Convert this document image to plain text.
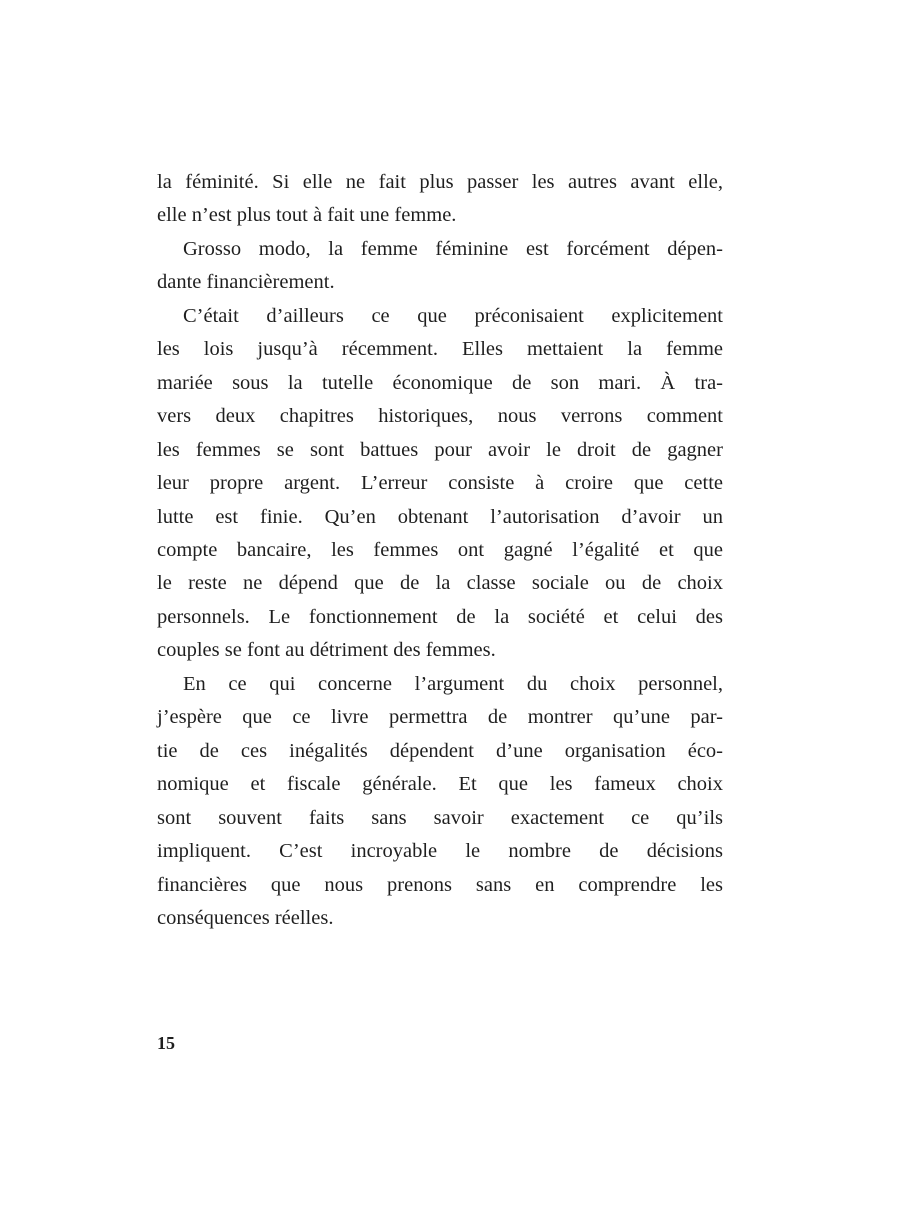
la féminité. Si elle ne fait plus passer les autres avant elle,
elle n’est plus tout à fait une femme.
Grosso modo, la femme féminine est forcément dépen-
dante financièrement.
C’était d’ailleurs ce que préconisaient explicitement
les lois jusqu’à récemment. Elles mettaient la femme
mariée sous la tutelle économique de son mari. À tra-
vers deux chapitres historiques, nous verrons comment
les femmes se sont battues pour avoir le droit de gagner
leur propre argent. L’erreur consiste à croire que cette
lutte est finie. Qu’en obtenant l’autorisation d’avoir un
compte bancaire, les femmes ont gagné l’égalité et que
le reste ne dépend que de la classe sociale ou de choix
personnels. Le fonctionnement de la société et celui des
couples se font au détriment des femmes.
En ce qui concerne l’argument du choix personnel,
j’espère que ce livre permettra de montrer qu’une par-
tie de ces inégalités dépendent d’une organisation éco-
nomique et fiscale générale. Et que les fameux choix
sont souvent faits sans savoir exactement ce qu’ils
impliquent. C’est incroyable le nombre de décisions
financières que nous prenons sans en comprendre les
conséquences réelles.
15
